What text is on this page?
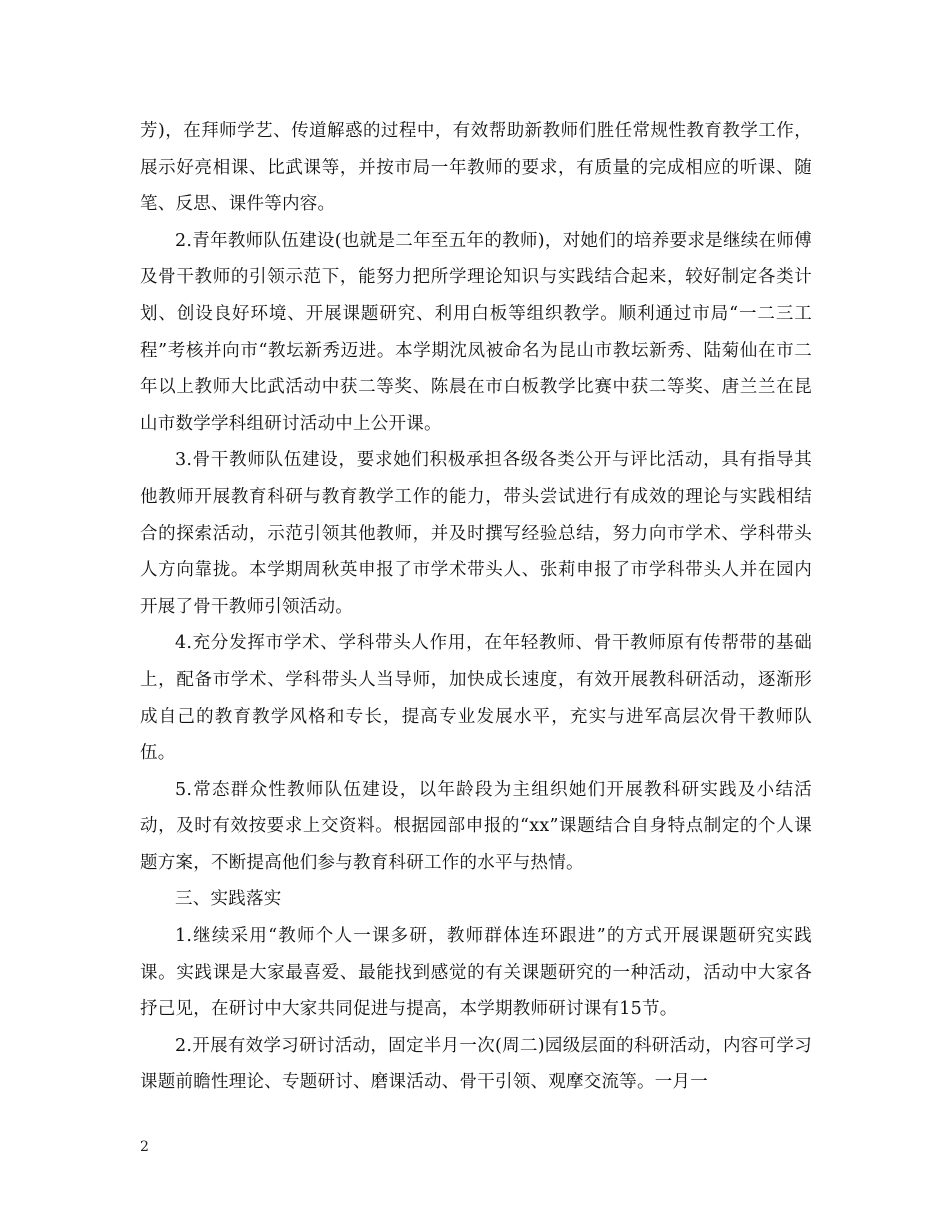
芳)，在拜师学艺、传道解惑的过程中，有效帮助新教师们胜任常规性教育教学工作，展示好亮相课、比武课等，并按市局一年教师的要求，有质量的完成相应的听课、随笔、反思、课件等内容。

2.青年教师队伍建设(也就是二年至五年的教师)，对她们的培养要求是继续在师傅及骨干教师的引领示范下，能努力把所学理论知识与实践结合起来，较好制定各类计划、创设良好环境、开展课题研究、利用白板等组织教学。顺利通过市局“一二三工程”考核并向市“教坛新秀迈进。本学期沈凤被命名为昆山市教坛新秀、陆菊仙在市二年以上教师大比武活动中获二等奖、陈晨在市白板教学比赛中获二等奖、唐兰兰在昆山市数学学科组研讨活动中上公开课。

3.骨干教师队伍建设，要求她们积极承担各级各类公开与评比活动，具有指导其他教师开展教育科研与教育教学工作的能力，带头尝试进行有成效的理论与实践相结合的探索活动，示范引领其他教师，并及时撰写经验总结，努力向市学术、学科带头人方向靠拢。本学期周秋英申报了市学术带头人、张莉申报了市学科带头人并在园内开展了骨干教师引领活动。

4.充分发挥市学术、学科带头人作用，在年轻教师、骨干教师原有传帮带的基础上，配备市学术、学科带头人当导师，加快成长速度，有效开展教科研活动，逐渐形成自己的教育教学风格和专长，提高专业发展水平，充实与进军高层次骨干教师队伍。

5.常态群众性教师队伍建设，以年龄段为主组织她们开展教科研实践及小结活动，及时有效按要求上交资料。根据园部申报的“xx”课题结合自身特点制定的个人课题方案，不断提高他们参与教育科研工作的水平与热情。

三、实践落实

1.继续采用“教师个人一课多研，教师群体连环跟进”的方式开展课题研究实践课。实践课是大家最喜爱、最能找到感觉的有关课题研究的一种活动，活动中大家各抒己见，在研讨中大家共同促进与提高，本学期教师研讨课有15节。

2.开展有效学习研讨活动，固定半月一次(周二)园级层面的科研活动，内容可学习课题前瞻性理论、专题研讨、磨课活动、骨干引领、观摩交流等。一月一

2
